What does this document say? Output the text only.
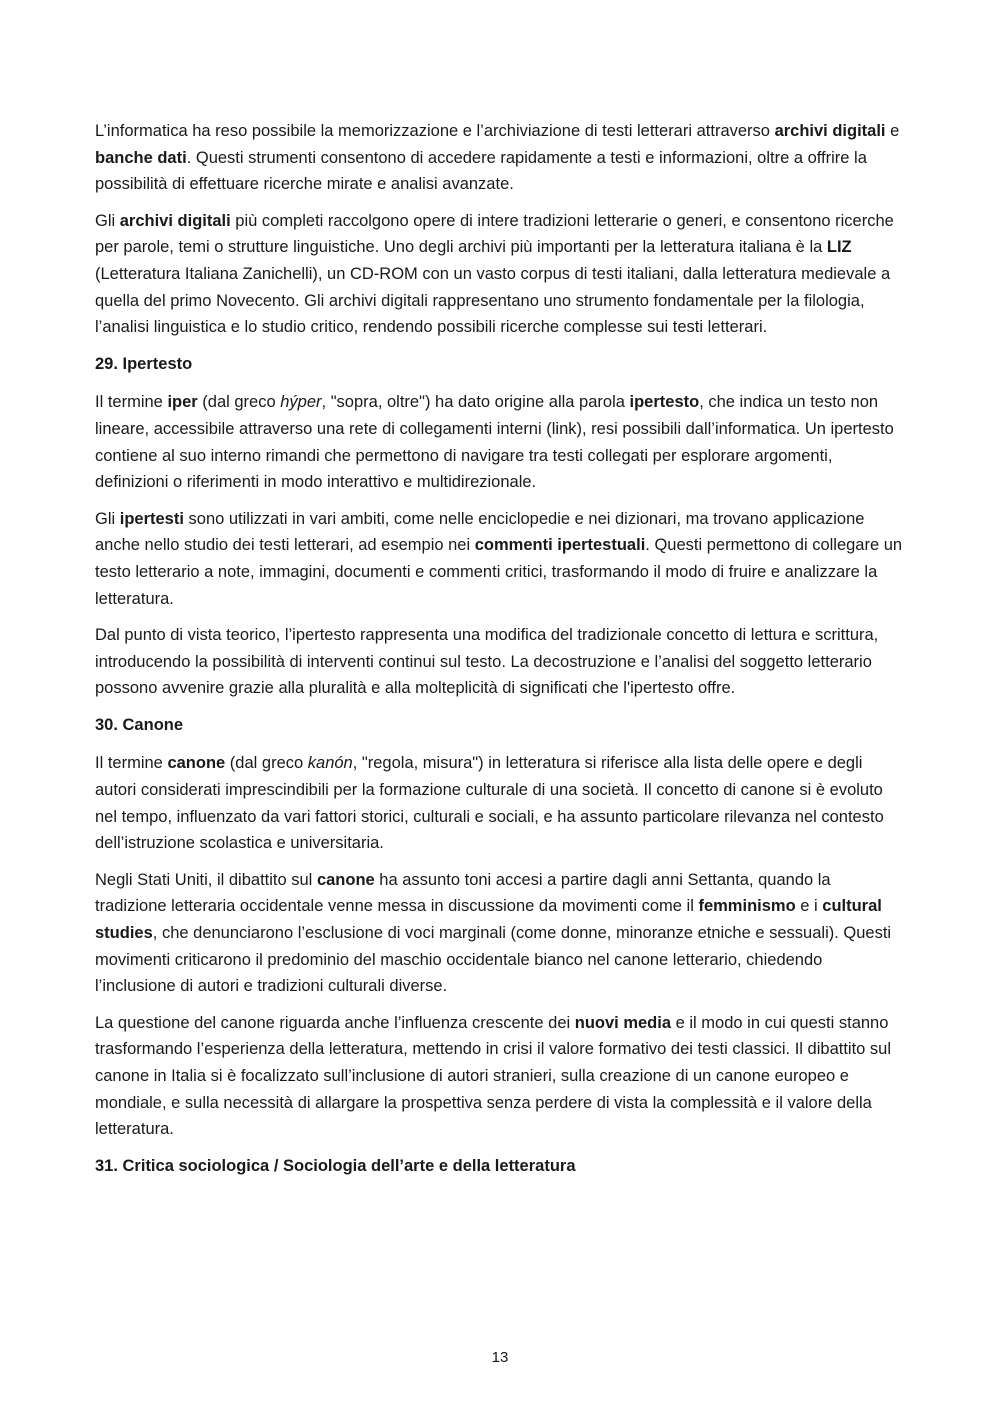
L’informatica ha reso possibile la memorizzazione e l’archiviazione di testi letterari attraverso archivi digitali e banche dati. Questi strumenti consentono di accedere rapidamente a testi e informazioni, oltre a offrire la possibilità di effettuare ricerche mirate e analisi avanzate.

Gli archivi digitali più completi raccolgono opere di intere tradizioni letterarie o generi, e consentono ricerche per parole, temi o strutture linguistiche. Uno degli archivi più importanti per la letteratura italiana è la LIZ (Letteratura Italiana Zanichelli), un CD-ROM con un vasto corpus di testi italiani, dalla letteratura medievale a quella del primo Novecento. Gli archivi digitali rappresentano uno strumento fondamentale per la filologia, l’analisi linguistica e lo studio critico, rendendo possibili ricerche complesse sui testi letterari.

29. Ipertesto

Il termine iper (dal greco hýper, "sopra, oltre") ha dato origine alla parola ipertesto, che indica un testo non lineare, accessibile attraverso una rete di collegamenti interni (link), resi possibili dall’informatica. Un ipertesto contiene al suo interno rimandi che permettono di navigare tra testi collegati per esplorare argomenti, definizioni o riferimenti in modo interattivo e multidirezionale.

Gli ipertesti sono utilizzati in vari ambiti, come nelle enciclopedie e nei dizionari, ma trovano applicazione anche nello studio dei testi letterari, ad esempio nei commenti ipertestuali. Questi permettono di collegare un testo letterario a note, immagini, documenti e commenti critici, trasformando il modo di fruire e analizzare la letteratura.

Dal punto di vista teorico, l’ipertesto rappresenta una modifica del tradizionale concetto di lettura e scrittura, introducendo la possibilità di interventi continui sul testo. La decostruzione e l’analisi del soggetto letterario possono avvenire grazie alla pluralità e alla molteplicità di significati che l'ipertesto offre.

30. Canone

Il termine canone (dal greco kanón, "regola, misura") in letteratura si riferisce alla lista delle opere e degli autori considerati imprescindibili per la formazione culturale di una società. Il concetto di canone si è evoluto nel tempo, influenzato da vari fattori storici, culturali e sociali, e ha assunto particolare rilevanza nel contesto dell’istruzione scolastica e universitaria.

Negli Stati Uniti, il dibattito sul canone ha assunto toni accesi a partire dagli anni Settanta, quando la tradizione letteraria occidentale venne messa in discussione da movimenti come il femminismo e i cultural studies, che denunciarono l’esclusione di voci marginali (come donne, minoranze etniche e sessuali). Questi movimenti criticarono il predominio del maschio occidentale bianco nel canone letterario, chiedendo l’inclusione di autori e tradizioni culturali diverse.

La questione del canone riguarda anche l’influenza crescente dei nuovi media e il modo in cui questi stanno trasformando l’esperienza della letteratura, mettendo in crisi il valore formativo dei testi classici. Il dibattito sul canone in Italia si è focalizzato sull’inclusione di autori stranieri, sulla creazione di un canone europeo e mondiale, e sulla necessità di allargare la prospettiva senza perdere di vista la complessità e il valore della letteratura.

31. Critica sociologica / Sociologia dell’arte e della letteratura

13
